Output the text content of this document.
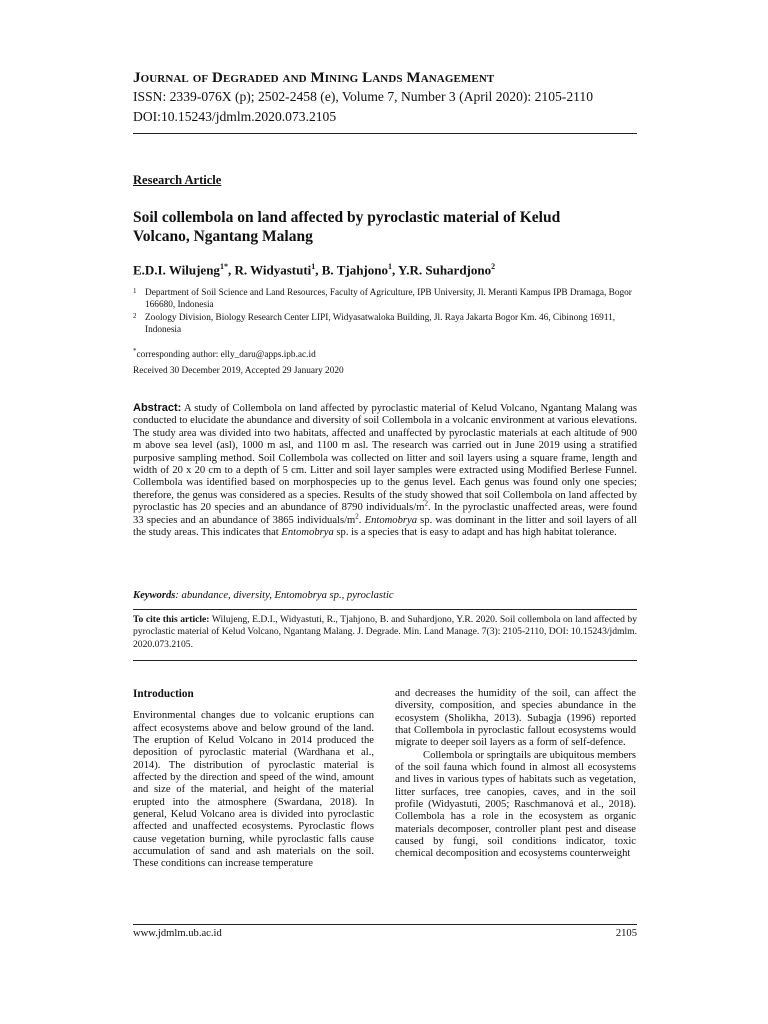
Journal of Degraded and Mining Lands Management
ISSN: 2339-076X (p); 2502-2458 (e), Volume 7, Number 3 (April 2020): 2105-2110
DOI:10.15243/jdmlm.2020.073.2105
Research Article
Soil collembola on land affected by pyroclastic material of Kelud Volcano, Ngantang Malang
E.D.I. Wilujeng$^{1*}$, R. Widyastuti$^1$, B. Tjahjono$^1$, Y.R. Suhardjono$^2$
1 Department of Soil Science and Land Resources, Faculty of Agriculture, IPB University, Jl. Meranti Kampus IPB Dramaga, Bogor 166680, Indonesia
2 Zoology Division, Biology Research Center LIPI, Widyasatwaloka Building, Jl. Raya Jakarta Bogor Km. 46, Cibinong 16911, Indonesia
*corresponding author: elly_daru@apps.ipb.ac.id
Received 30 December 2019, Accepted 29 January 2020
Abstract: A study of Collembola on land affected by pyroclastic material of Kelud Volcano, Ngantang Malang was conducted to elucidate the abundance and diversity of soil Collembola in a volcanic environment at various elevations. The study area was divided into two habitats, affected and unaffected by pyroclastic materials at each altitude of 900 m above sea level (asl), 1000 m asl, and 1100 m asl. The research was carried out in June 2019 using a stratified purposive sampling method. Soil Collembola was collected on litter and soil layers using a square frame, length and width of 20 x 20 cm to a depth of 5 cm. Litter and soil layer samples were extracted using Modified Berlese Funnel. Collembola was identified based on morphospecies up to the genus level. Each genus was found only one species; therefore, the genus was considered as a species. Results of the study showed that soil Collembola on land affected by pyroclastic has 20 species and an abundance of 8790 individuals/$m^2$. In the pyroclastic unaffected areas, were found 33 species and an abundance of 3865 individuals/$m^2$. Entomobrya sp. was dominant in the litter and soil layers of all the study areas. This indicates that Entomobrya sp. is a species that is easy to adapt and has high habitat tolerance.
Keywords: abundance, diversity, Entomobrya sp., pyroclastic
To cite this article: Wilujeng, E.D.I., Widyastuti, R., Tjahjono, B. and Suhardjono, Y.R. 2020. Soil collembola on land affected by pyroclastic material of Kelud Volcano, Ngantang Malang. J. Degrade. Min. Land Manage. 7(3): 2105-2110, DOI: 10.15243/jdmlm. 2020.073.2105.
Introduction

Environmental changes due to volcanic eruptions can affect ecosystems above and below ground of the land. The eruption of Kelud Volcano in 2014 produced the deposition of pyroclastic material (Wardhana et al., 2014). The distribution of pyroclastic material is affected by the direction and speed of the wind, amount and size of the material, and height of the material erupted into the atmosphere (Swardana, 2018). In general, Kelud Volcano area is divided into pyroclastic affected and unaffected ecosystems. Pyroclastic flows cause vegetation burning, while pyroclastic falls cause accumulation of sand and ash materials on the soil. These conditions can increase temperature

and decreases the humidity of the soil, can affect the diversity, composition, and species abundance in the ecosystem (Sholikha, 2013). Subagja (1996) reported that Collembola in pyroclastic fallout ecosystems would migrate to deeper soil layers as a form of self-defence.

Collembola or springtails are ubiquitous members of the soil fauna which found in almost all ecosystems and lives in various types of habitats such as vegetation, litter surfaces, tree canopies, caves, and in the soil profile (Widyastuti, 2005; Raschmanová et al., 2018). Collembola has a role in the ecosystem as organic materials decomposer, controller plant pest and disease caused by fungi, soil conditions indicator, toxic chemical decomposition and ecosystems counterweight

www.jdmlm.ub.ac.id	2105
